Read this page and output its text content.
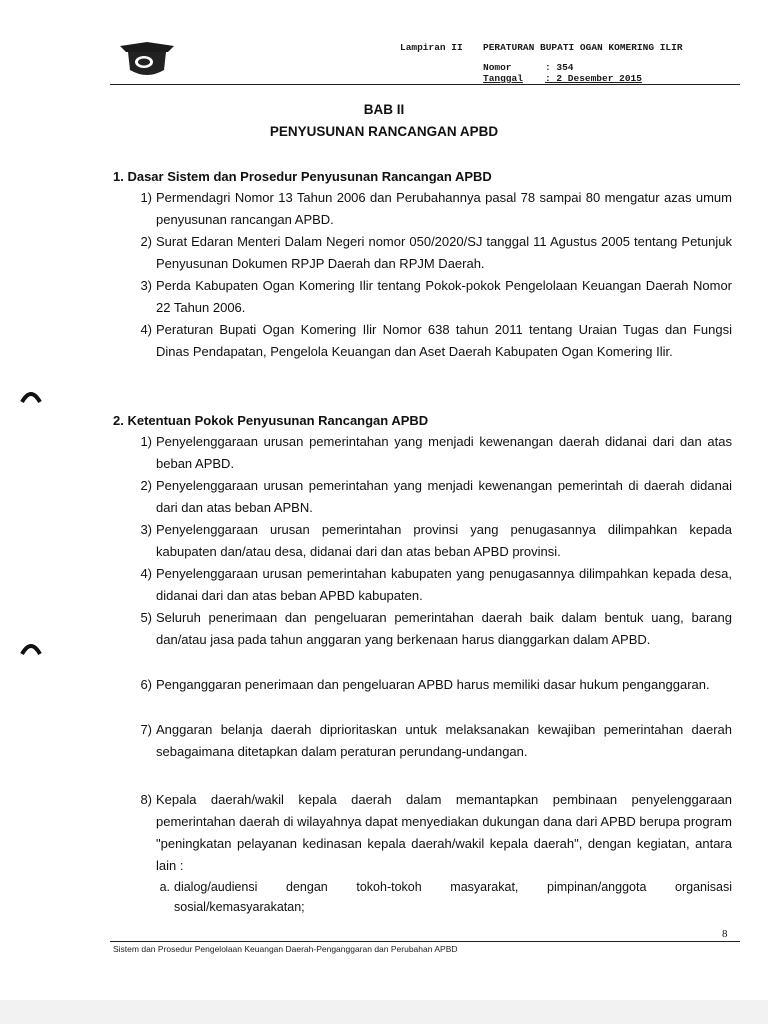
Lampiran II PERATURAN BUPATI OGAN KOMERING ILIR
Nomor	: 354
Tanggal : 2 Desember 2015
BAB II
PENYUSUNAN RANCANGAN APBD
1. Dasar Sistem dan Prosedur Penyusunan Rancangan APBD
1) Permendagri Nomor 13 Tahun 2006 dan Perubahannya pasal 78 sampai 80 mengatur azas umum penyusunan rancangan APBD.
2) Surat Edaran Menteri Dalam Negeri nomor 050/2020/SJ tanggal 11 Agustus 2005 tentang Petunjuk Penyusunan Dokumen RPJP Daerah dan RPJM Daerah.
3) Perda Kabupaten Ogan Komering Ilir tentang Pokok-pokok Pengelolaan Keuangan Daerah Nomor 22 Tahun 2006.
4) Peraturan Bupati Ogan Komering Ilir Nomor 638 tahun 2011 tentang Uraian Tugas dan Fungsi Dinas Pendapatan, Pengelola Keuangan dan Aset Daerah Kabupaten Ogan Komering Ilir.
2. Ketentuan Pokok Penyusunan Rancangan APBD
1) Penyelenggaraan urusan pemerintahan yang menjadi kewenangan daerah didanai dari dan atas beban APBD.
2) Penyelenggaraan urusan pemerintahan yang menjadi kewenangan pemerintah di daerah didanai dari dan atas beban APBN.
3) Penyelenggaraan urusan pemerintahan provinsi yang penugasannya dilimpahkan kepada kabupaten dan/atau desa, didanai dari dan atas beban APBD provinsi.
4) Penyelenggaraan urusan pemerintahan kabupaten yang penugasannya dilimpahkan kepada desa, didanai dari dan atas beban APBD kabupaten.
5) Seluruh penerimaan dan pengeluaran pemerintahan daerah baik dalam bentuk uang, barang dan/atau jasa pada tahun anggaran yang berkenaan harus dianggarkan dalam APBD.
6) Penganggaran penerimaan dan pengeluaran APBD harus memiliki dasar hukum penganggaran.
7) Anggaran belanja daerah diprioritaskan untuk melaksanakan kewajiban pemerintahan daerah sebagaimana ditetapkan dalam peraturan perundang-undangan.
8) Kepala daerah/wakil kepala daerah dalam memantapkan pembinaan penyelenggaraan pemerintahan daerah di wilayahnya dapat menyediakan dukungan dana dari APBD berupa program "peningkatan pelayanan kedinasan kepala daerah/wakil kepala daerah", dengan kegiatan, antara lain :
a. dialog/audiensi dengan tokoh-tokoh masyarakat, pimpinan/anggota organisasi sosial/kemasyarakatan;
8
Sistem dan Prosedur Pengelolaan Keuangan Daerah-Penganggaran dan Perubahan APBD
